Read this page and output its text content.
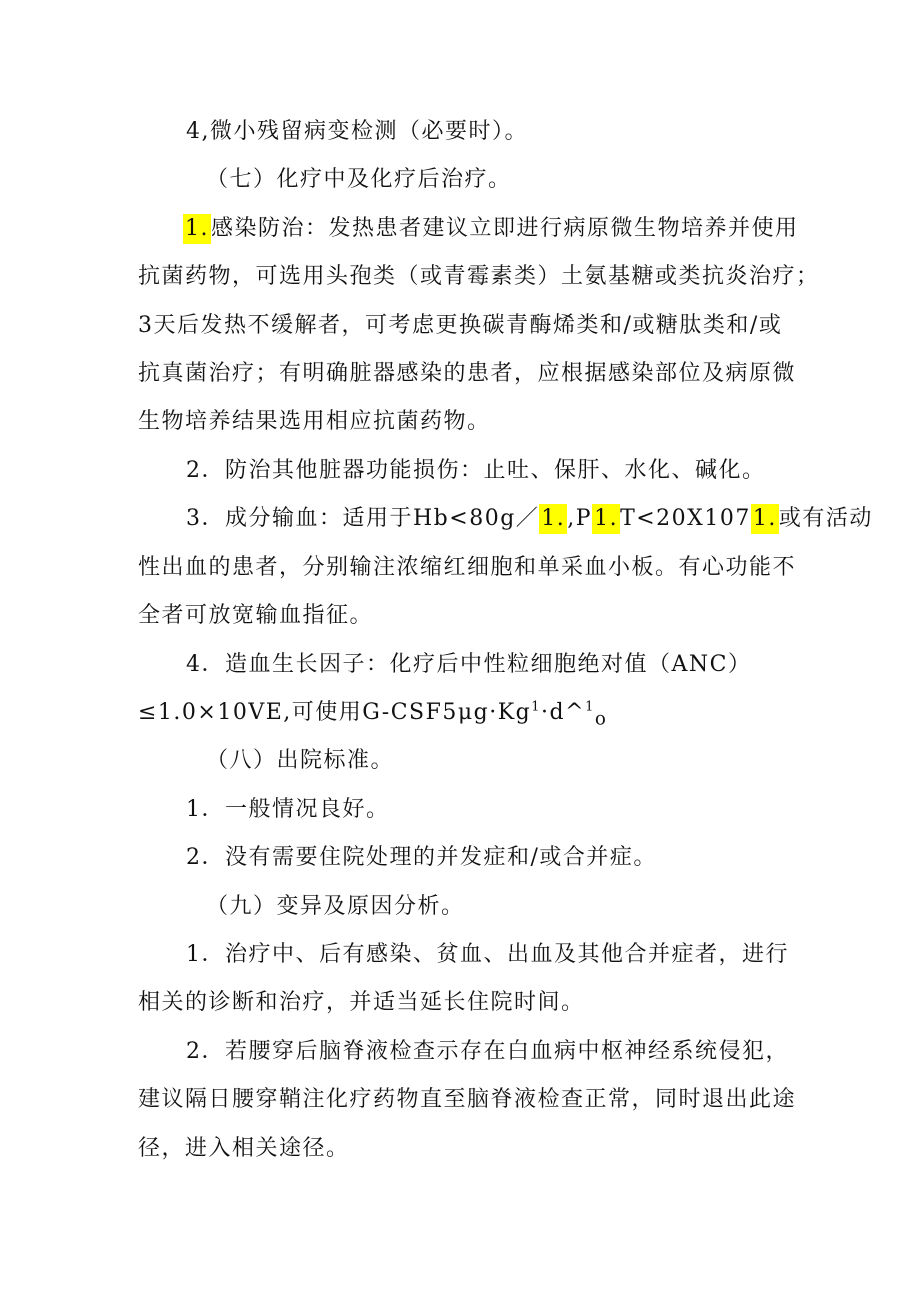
4,微小残留病变检测（必要时）。
（七）化疗中及化疗后治疗。
1.感染防治：发热患者建议立即进行病原微生物培养并使用
抗菌药物，可选用头孢类（或青霉素类）土氨基糖或类抗炎治疗；
3天后发热不缓解者，可考虑更换碳青酶烯类和/或糖肽类和/或
抗真菌治疗；有明确脏器感染的患者，应根据感染部位及病原微
生物培养结果选用相应抗菌药物。
2．防治其他脏器功能损伤：止吐、保肝、水化、碱化。
3．成分输血：适用于Hb<80g／1.,P1.T<20X1071.或有活动
性出血的患者，分别输注浓缩红细胞和单采血小板。有心功能不
全者可放宽输血指征。
4．造血生长因子：化疗后中性粒细胞绝对值（ANC）
≤1.0×10VE,可使用$G-CSF5\mu g\cdot Kg^1\cdot d\^{}^1_o$
（八）出院标准。
1．一般情况良好。
2．没有需要住院处理的并发症和/或合并症。
（九）变异及原因分析。
1．治疗中、后有感染、贫血、出血及其他合并症者，进行
相关的诊断和治疗，并适当延长住院时间。
2．若腰穿后脑脊液检查示存在白血病中枢神经系统侵犯，
建议隔日腰穿鞘注化疗药物直至脑脊液检查正常，同时退出此途
径，进入相关途径。
